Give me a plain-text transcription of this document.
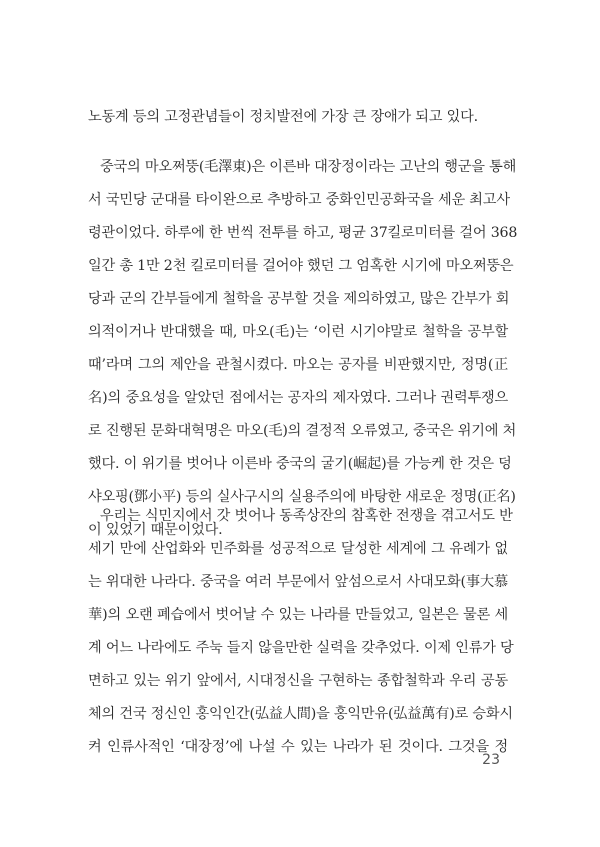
노동계 등의 고정관념들이 정치발전에 가장 큰 장애가 되고 있다.
중국의 마오쩌뚱(毛澤東)은 이른바 대장정이라는 고난의 행군을 통해
서 국민당 군대를 타이완으로 추방하고 중화인민공화국을 세운 최고사
령관이었다. 하루에 한 번씩 전투를 하고, 평균 37킬로미터를 걸어 368
일간 총 1만 2천 킬로미터를 걸어야 했던 그 엄혹한 시기에 마오쩌뚱은
당과 군의 간부들에게 철학을 공부할 것을 제의하였고, 많은 간부가 회
의적이거나 반대했을 때, 마오(毛)는 ‘이런 시기야말로 철학을 공부할
때’라며 그의 제안을 관철시켰다. 마오는 공자를 비판했지만, 정명(正
名)의 중요성을 알았던 점에서는 공자의 제자였다. 그러나 권력투쟁으
로 진행된 문화대혁명은 마오(毛)의 결정적 오류였고, 중국은 위기에 처
했다. 이 위기를 벗어나 이른바 중국의 굴기(崛起)를 가능케 한 것은 덩
샤오핑(鄧小平) 등의 실사구시의 실용주의에 바탕한 새로운 정명(正名)
이 있었기 때문이었다.
우리는 식민지에서 갓 벗어나 동족상잔의 참혹한 전쟁을 겪고서도 반
세기 만에 산업화와 민주화를 성공적으로 달성한 세계에 그 유례가 없
는 위대한 나라다. 중국을 여러 부문에서 앞섬으로서 사대모화(事大慕
華)의 오랜 폐습에서 벗어날 수 있는 나라를 만들었고, 일본은 물론 세
계 어느 나라에도 주눅 들지 않을만한 실력을 갖추었다. 이제 인류가 당
면하고 있는 위기 앞에서, 시대정신을 구현하는 종합철학과 우리 공동
체의 건국 정신인 홍익인간(弘益人間)을 홍익만유(弘益萬有)로 승화시
켜 인류사적인 ‘대장정’에 나설 수 있는 나라가 된 것이다. 그것을 정
23
